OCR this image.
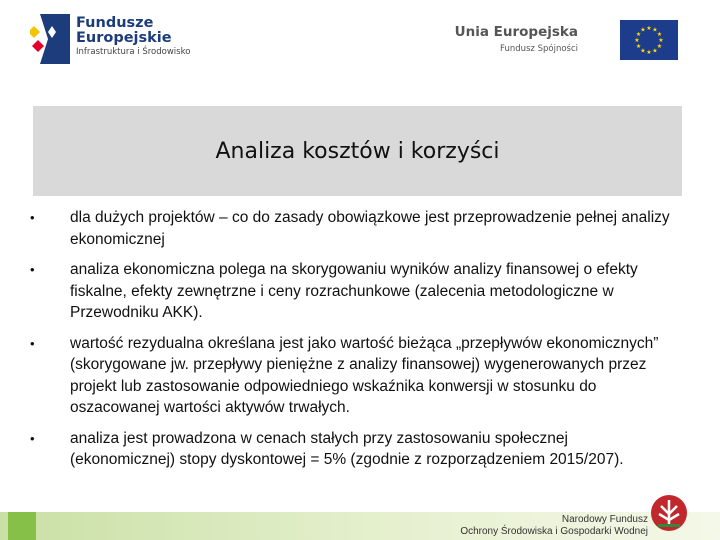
Fundusze
Europejskie
Infrastruktura i Środowisko
Unia Europejska
Fundusz Spójności
★ ★
★
★
★
★
★
★
★
★
★
★
Analiza kosztów i korzyści
•	dla dużych projektów – co do zasady obowiązkowe jest przeprowadzenie pełnej analizy ekonomicznej
•	analiza ekonomiczna polega na skorygowaniu wyników analizy finansowej o efekty fiskalne, efekty zewnętrzne i ceny rozrachunkowe (zalecenia metodologiczne w Przewodniku AKK).
•	wartość rezydualna określana jest jako wartość bieżąca „przepływów ekonomicznych” (skorygowane jw. przepływy pieniężne z analizy finansowej) wygenerowanych przez projekt lub zastosowanie odpowiedniego wskaźnika konwersji w stosunku do oszacowanej wartości aktywów trwałych.
•	analiza jest prowadzona w cenach stałych przy zastosowaniu społecznej (ekonomicznej) stopy dyskontowej = 5% (zgodnie z rozporządzeniem 2015/207).
Narodowy Fundusz
Ochrony Środowiska i Gospodarki Wodnej
